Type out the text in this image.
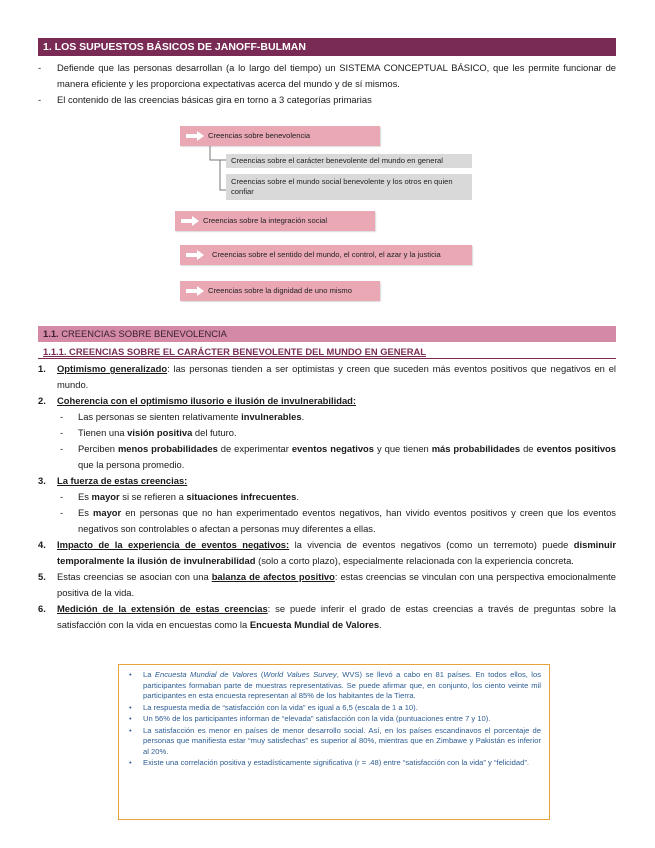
1. LOS SUPUESTOS BÁSICOS DE JANOFF-BULMAN
- Defiende que las personas desarrollan (a lo largo del tiempo) un SISTEMA CONCEPTUAL BÁSICO, que les permite funcionar de manera eficiente y les proporciona expectativas acerca del mundo y de sí mismos.
- El contenido de las creencias básicas gira en torno a 3 categorías primarias
Creencias sobre benevolencia
Creencias sobre el carácter benevolente del mundo en general
Creencias sobre el mundo social benevolente y los otros en quien confiar
Creencias sobre la integración social
Creencias sobre el sentido del mundo, el control, el azar y la justicia
Creencias sobre la dignidad de uno mismo
1.1. CREENCIAS SOBRE BENEVOLENCIA
1.1.1. CREENCIAS SOBRE EL CARÁCTER BENEVOLENTE DEL MUNDO EN GENERAL
1. Optimismo generalizado: las personas tienden a ser optimistas y creen que suceden más eventos positivos que negativos en el mundo.
2. Coherencia con el optimismo ilusorio e ilusión de invulnerabilidad:
- Las personas se sienten relativamente invulnerables.
- Tienen una visión positiva del futuro.
- Perciben menos probabilidades de experimentar eventos negativos y que tienen más probabilidades de eventos positivos que la persona promedio.
3. La fuerza de estas creencias:
- Es mayor si se refieren a situaciones infrecuentes.
- Es mayor en personas que no han experimentado eventos negativos, han vivido eventos positivos y creen que los eventos negativos son controlables o afectan a personas muy diferentes a ellas.
4. Impacto de la experiencia de eventos negativos: la vivencia de eventos negativos (como un terremoto) puede disminuir temporalmente la ilusión de invulnerabilidad (solo a corto plazo), especialmente relacionada con la experiencia concreta.
5. Estas creencias se asocian con una balanza de afectos positivo: estas creencias se vinculan con una perspectiva emocionalmente positiva de la vida.
6. Medición de la extensión de estas creencias: se puede inferir el grado de estas creencias a través de preguntas sobre la satisfacción con la vida en encuestas como la Encuesta Mundial de Valores.
• La Encuesta Mundial de Valores (World Values Survey, WVS) se llevó a cabo en 81 países. En todos ellos, los participantes formaban parte de muestras representativas. Se puede afirmar que, en conjunto, los ciento veinte mil participantes en esta encuesta representan al 85% de los habitantes de la Tierra.
• La respuesta media de “satisfacción con la vida” es igual a 6,5 (escala de 1 a 10).
• Un 56% de los participantes informan de “elevada” satisfacción con la vida (puntuaciones entre 7 y 10).
• La satisfacción es menor en países de menor desarrollo social. Así, en los países escandinavos el porcentaje de personas que manifiesta estar “muy satisfechas” es superior al 80%, mientras que en Zimbawe y Pakistán es inferior al 20%.
• Existe una correlación positiva y estadísticamente significativa (r = .48) entre “satisfacción con la vida” y “felicidad”.
